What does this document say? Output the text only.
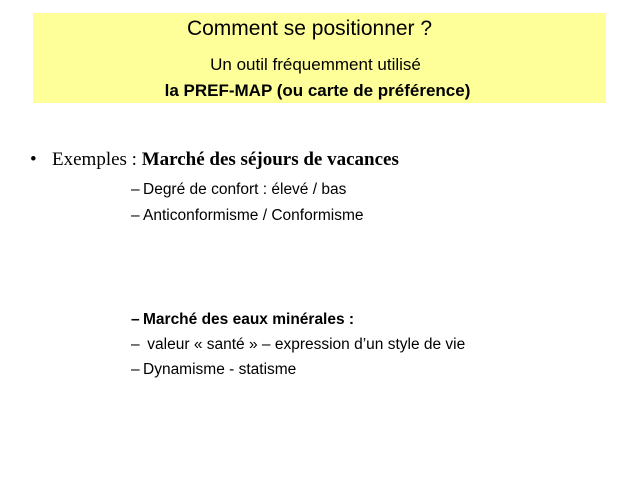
Comment se positionner ?
Un outil fréquemment utilisé
la PREF-MAP (ou carte de préférence)
• Exemples : Marché des séjours de vacances
– Degré de confort : élevé / bas
– Anticonformisme / Conformisme
– Marché des eaux minérales :
– valeur « santé » – expression d’un style de vie
– Dynamisme - statisme
